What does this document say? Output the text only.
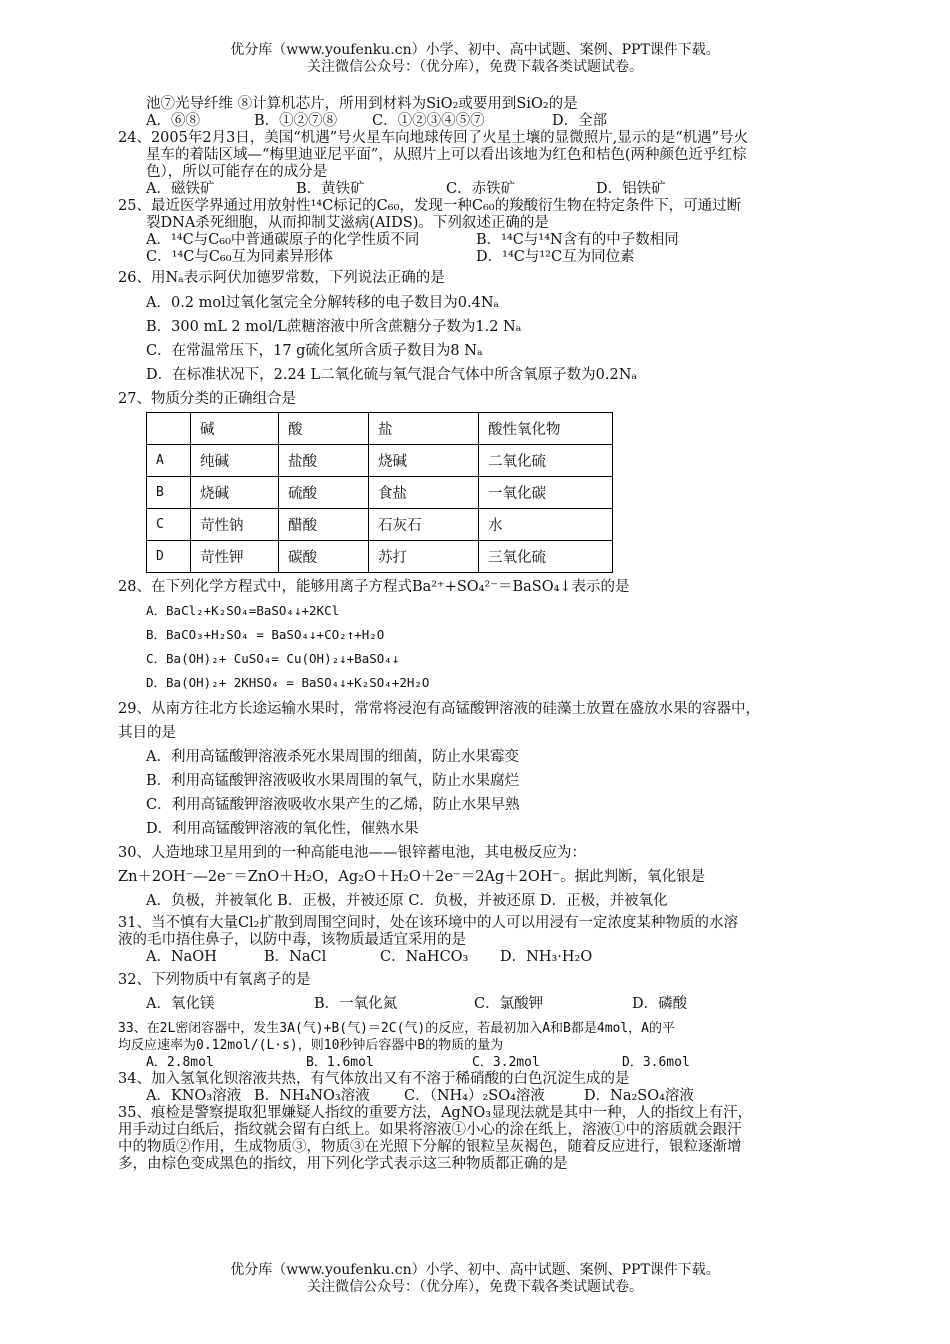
优分库（www.youfenku.cn）小学、初中、高中试题、案例、PPT课件下载。
关注微信公众号：（优分库），免费下载各类试题试卷。
池⑦光导纤维 ⑧计算机芯片，所用到材料为SiO₂或要用到SiO₂的是
A．⑥⑧	B．①②⑦⑧ C．①②③④⑤⑦	D．全部
24、2005年2月3日，美国“机遇”号火星车向地球传回了火星土壤的显微照片,显示的是“机遇”号火
星车的着陆区域—“梅里迪亚尼平面”，从照片上可以看出该地为红色和桔色(两种颜色近乎红棕
色），所以可能存在的成分是
A．磁铁矿	B．黄铁矿	C．赤铁矿	D．铝铁矿
25、最近医学界通过用放射性¹⁴C标记的C₆₀，发现一种C₆₀的羧酸衍生物在特定条件下，可通过断
裂DNA杀死细胞，从而抑制艾滋病(AIDS)。下列叙述正确的是
A．¹⁴C与C₆₀中普通碳原子的化学性质不同	B．¹⁴C与¹⁴N含有的中子数相同
C．¹⁴C与C₆₀互为同素异形体	D．¹⁴C与¹²C互为同位素
26、用Nₐ表示阿伏加德罗常数，下列说法正确的是
A．0.2 mol过氧化氢完全分解转移的电子数目为0.4Nₐ
B．300 mL 2 mol/L蔗糖溶液中所含蔗糖分子数为1.2 Nₐ
C．在常温常压下，17 g硫化氢所含质子数目为8 Nₐ
D．在标准状况下，2.24 L二氧化硫与氧气混合气体中所含氧原子数为0.2Nₐ
27、物质分类的正确组合是
	碱	酸	盐	酸性氧化物
A	纯碱	盐酸	烧碱	二氧化硫
B	烧碱	硫酸	食盐	一氧化碳
C	苛性钠	醋酸	石灰石	水
D	苛性钾	碳酸	苏打	三氧化硫
28、在下列化学方程式中，能够用离子方程式Ba²⁺+SO₄²⁻＝BaSO₄↓表示的是
A．BaCl₂+K₂SO₄=BaSO₄↓+2KCl
B．BaCO₃+H₂SO₄ = BaSO₄↓+CO₂↑+H₂O
C．Ba(OH)₂+ CuSO₄= Cu(OH)₂↓+BaSO₄↓
D．Ba(OH)₂+ 2KHSO₄ = BaSO₄↓+K₂SO₄+2H₂O
29、从南方往北方长途运输水果时，常常将浸泡有高锰酸钾溶液的硅藻土放置在盛放水果的容器中，
其目的是
A．利用高锰酸钾溶液杀死水果周围的细菌，防止水果霉变
B．利用高锰酸钾溶液吸收水果周围的氧气，防止水果腐烂
C．利用高锰酸钾溶液吸收水果产生的乙烯，防止水果早熟
D．利用高锰酸钾溶液的氧化性，催熟水果
30、人造地球卫星用到的一种高能电池——银锌蓄电池，其电极反应为：
Zn＋2OH⁻—2e⁻＝ZnO＋H₂O，Ag₂O＋H₂O＋2e⁻＝2Ag＋2OH⁻。据此判断，氧化银是
A．负极，并被氧化 B．正极，并被还原 C．负极，并被还原 D．正极，并被氧化
31、当不慎有大量Cl₂扩散到周围空间时，处在该环境中的人可以用浸有一定浓度某种物质的水溶
液的毛巾捂住鼻子，以防中毒，该物质最适宜采用的是
A．NaOH	B．NaCl	C．NaHCO₃ D．NH₃·H₂O
32、下列物质中有氧离子的是
A．氧化镁	B．一氧化氮	C．氯酸钾	D．磷酸
33、在2L密闭容器中，发生3A(气)+B(气)＝2C(气)的反应，若最初加入A和B都是4mol，A的平
均反应速率为0.12mol/(L·s)，则10秒钟后容器中B的物质的量为
A．2.8mol	B．1.6mol	C．3.2mol	D．3.6mol
34、加入氢氧化钡溶液共热，有气体放出又有不溶于稀硝酸的白色沉淀生成的是
A．KNO₃溶液 B．NH₄NO₃溶液 C．（NH₄）₂SO₄溶液	D．Na₂SO₄溶液
35、痕检是警察提取犯罪嫌疑人指纹的重要方法，AgNO₃显现法就是其中一种，人的指纹上有汗，
用手动过白纸后，指纹就会留有白纸上。如果将溶液①小心的涂在纸上，溶液①中的溶质就会跟汗
中的物质②作用，生成物质③，物质③在光照下分解的银粒呈灰褐色，随着反应进行，银粒逐渐增
多，由棕色变成黑色的指纹，用下列化学式表示这三种物质都正确的是
优分库（www.youfenku.cn）小学、初中、高中试题、案例、PPT课件下载。
关注微信公众号：（优分库），免费下载各类试题试卷。
